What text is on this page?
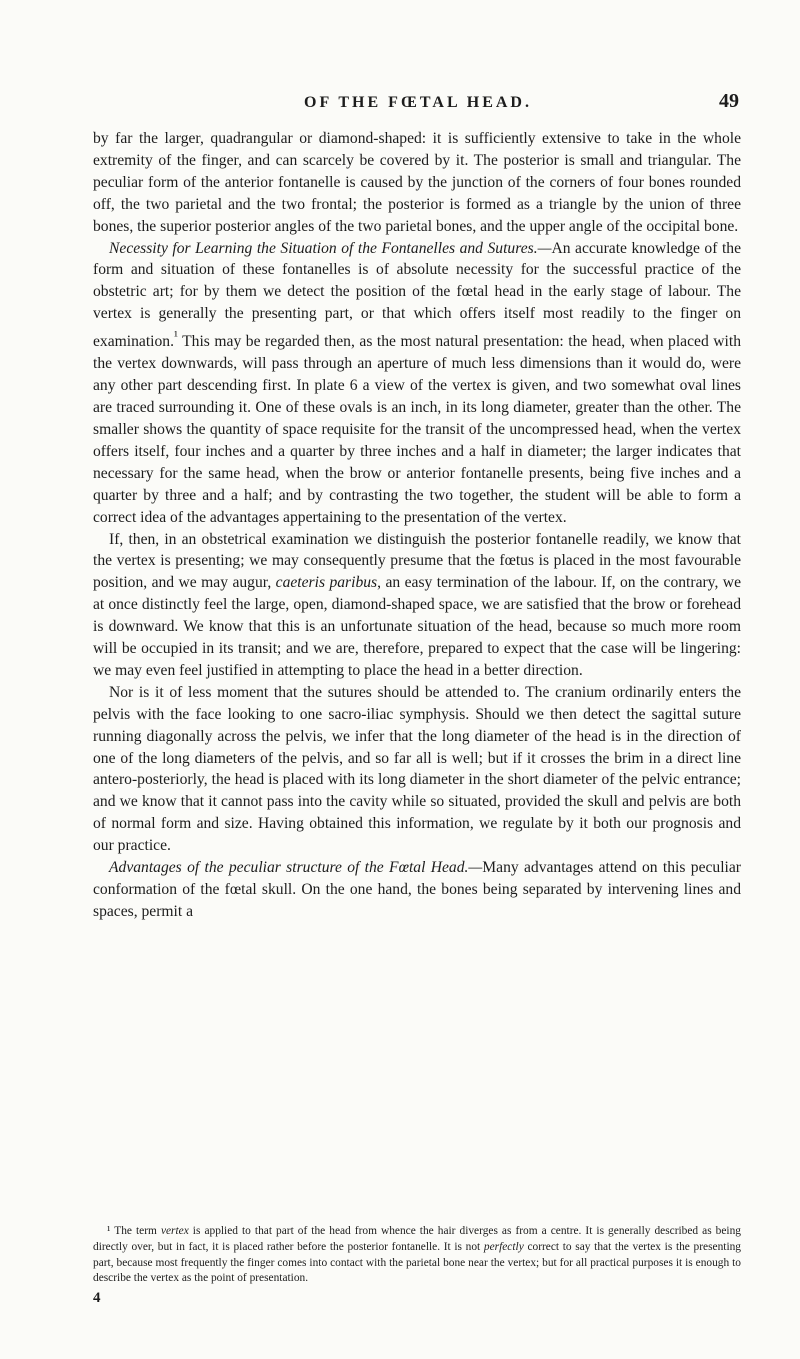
OF THE FŒTAL HEAD.	49

by far the larger, quadrangular or diamond-shaped: it is sufficiently extensive to take in the whole extremity of the finger, and can scarcely be covered by it. The posterior is small and triangular. The peculiar form of the anterior fontanelle is caused by the junction of the corners of four bones rounded off, the two parietal and the two frontal; the posterior is formed as a triangle by the union of three bones, the superior posterior angles of the two parietal bones, and the upper angle of the occipital bone.

Necessity for Learning the Situation of the Fontanelles and Sutures.—An accurate knowledge of the form and situation of these fontanelles is of absolute necessity for the successful practice of the obstetric art; for by them we detect the position of the fœtal head in the early stage of labour. The vertex is generally the presenting part, or that which offers itself most readily to the finger on examination.$^{^1}$ This may be regarded then, as the most natural presentation: the head, when placed with the vertex downwards, will pass through an aperture of much less dimensions than it would do, were any other part descending first. In plate 6 a view of the vertex is given, and two somewhat oval lines are traced surrounding it. One of these ovals is an inch, in its long diameter, greater than the other. The smaller shows the quantity of space requisite for the transit of the uncompressed head, when the vertex offers itself, four inches and a quarter by three inches and a half in diameter; the larger indicates that necessary for the same head, when the brow or anterior fontanelle presents, being five inches and a quarter by three and a half; and by contrasting the two together, the student will be able to form a correct idea of the advantages appertaining to the presentation of the vertex.

If, then, in an obstetrical examination we distinguish the posterior fontanelle readily, we know that the vertex is presenting; we may consequently presume that the fœtus is placed in the most favourable position, and we may augur, caeteris paribus, an easy termination of the labour. If, on the contrary, we at once distinctly feel the large, open, diamond-shaped space, we are satisfied that the brow or forehead is downward. We know that this is an unfortunate situation of the head, because so much more room will be occupied in its transit; and we are, therefore, prepared to expect that the case will be lingering: we may even feel justified in attempting to place the head in a better direction.

Nor is it of less moment that the sutures should be attended to. The cranium ordinarily enters the pelvis with the face looking to one sacro-iliac symphysis. Should we then detect the sagittal suture running diagonally across the pelvis, we infer that the long diameter of the head is in the direction of one of the long diameters of the pelvis, and so far all is well; but if it crosses the brim in a direct line antero-posteriorly, the head is placed with its long diameter in the short diameter of the pelvic entrance; and we know that it cannot pass into the cavity while so situated, provided the skull and pelvis are both of normal form and size. Having obtained this information, we regulate by it both our prognosis and our practice.

Advantages of the peculiar structure of the Fœtal Head.—Many advantages attend on this peculiar conformation of the fœtal skull. On the one hand, the bones being separated by intervening lines and spaces, permit a

¹ The term vertex is applied to that part of the head from whence the hair diverges as from a centre. It is generally described as being directly over, but in fact, it is placed rather before the posterior fontanelle. It is not perfectly correct to say that the vertex is the presenting part, because most frequently the finger comes into contact with the parietal bone near the vertex; but for all practical purposes it is enough to describe the vertex as the point of presentation.

4
